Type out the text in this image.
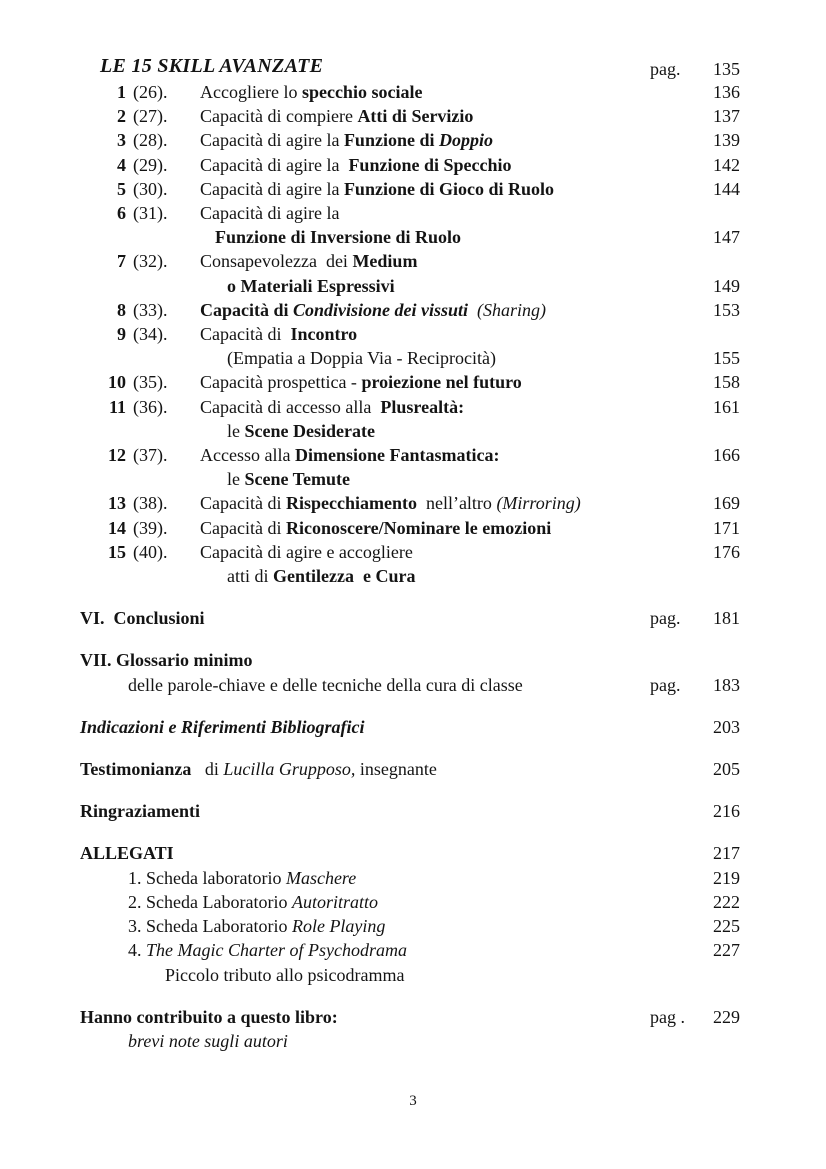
LE 15 SKILL AVANZATE	pag.	135
1 (26). Accogliere lo specchio sociale	136
2 (27). Capacità di compiere Atti di Servizio	137
3 (28). Capacità di agire la Funzione di Doppio	139
4 (29). Capacità di agire la  Funzione di Specchio	142
5 (30). Capacità di agire la Funzione di Gioco di Ruolo	144
6 (31). Capacità di agire la
Funzione di Inversione di Ruolo	147
7 (32). Consapevolezza  dei Medium
o Materiali Espressivi	149
8 (33). Capacità di Condivisione dei vissuti (Sharing)	153
9 (34). Capacità di  Incontro
(Empatia a Doppia Via - Reciprocità)	155
10 (35). Capacità prospettica - proiezione nel futuro	158
11 (36). Capacità di accesso alla  Plusrealtà:	161
le Scene Desiderate
12 (37). Accesso alla Dimensione Fantasmatica:	166
le Scene Temute
13 (38). Capacità di Rispecchiamento  nell’altro (Mirroring)	169
14 (39). Capacità di Riconoscere/Nominare le emozioni	171
15 (40). Capacità di agire e accogliere	176
atti di Gentilezza  e Cura
VI.  Conclusioni	pag.	181
VII. Glossario minimo
delle parole-chiave e delle tecniche della cura di classe	pag.	183
Indicazioni e Riferimenti Bibliografici	203
Testimonianza   di Lucilla Grupposo, insegnante	205
Ringraziamenti	216
ALLEGATI	217
1. Scheda laboratorio Maschere	219
2. Scheda Laboratorio Autoritratto	222
3. Scheda Laboratorio Role Playing	225
4. The Magic Charter of Psychodrama	227
Piccolo tributo allo psicodramma
Hanno contribuito a questo libro:	pag .	229
brevi note sugli autori
3
